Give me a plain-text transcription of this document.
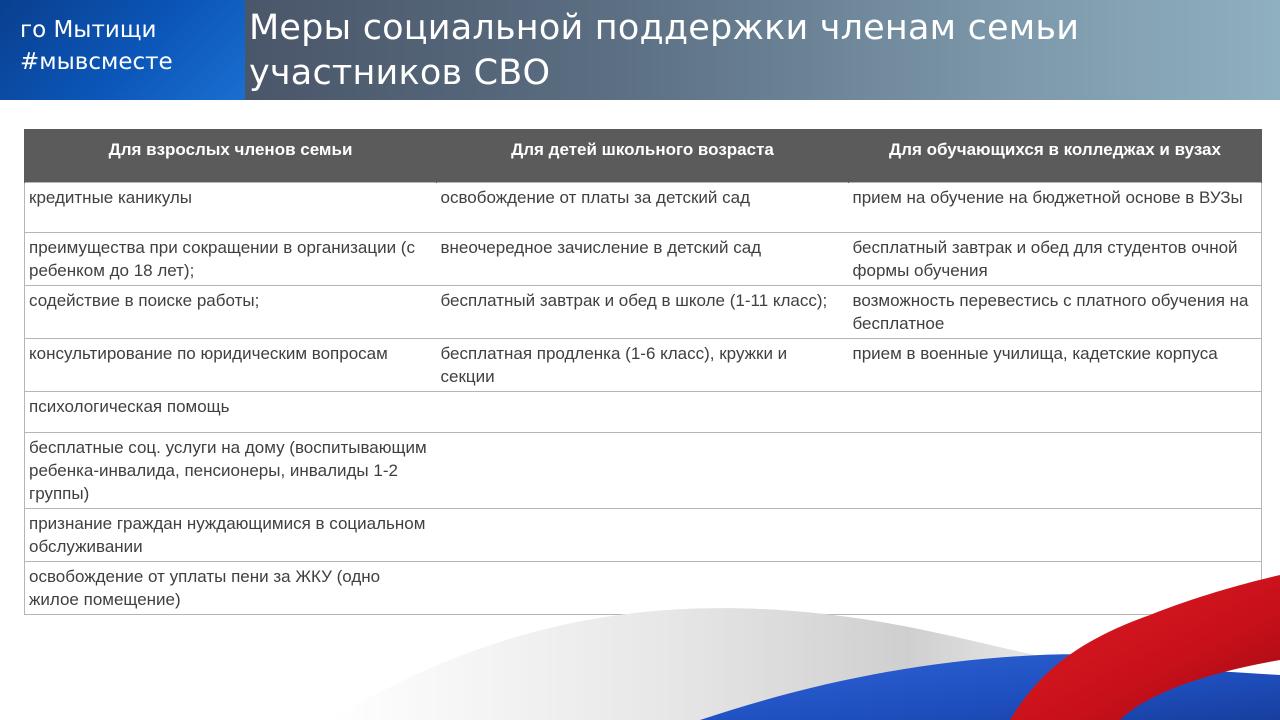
го Мытищи
#мывсместе
Меры социальной поддержки членам семьи участников СВО
Для взрослых членов семьи	Для детей школьного возраста	Для обучающихся в колледжах и вузах
кредитные каникулы	освобождение от платы за детский сад	прием на обучение на бюджетной основе в ВУЗы
преимущества при сокращении в организации (с ребенком до 18 лет);	внеочередное зачисление в детский сад	бесплатный завтрак и обед для студентов очной формы обучения
содействие в поиске работы;	бесплатный завтрак и обед в школе (1-11 класс);	возможность перевестись с платного обучения на бесплатное
консультирование по юридическим вопросам	бесплатная продленка (1-6 класс), кружки и секции	прием в военные училища, кадетские корпуса
психологическая помощь		
бесплатные соц. услуги на дому (воспитывающим ребенка-инвалида, пенсионеры, инвалиды 1-2 группы)		
признание граждан нуждающимися в социальном обслуживании		
освобождение от уплаты пени за ЖКУ (одно жилое помещение)		
